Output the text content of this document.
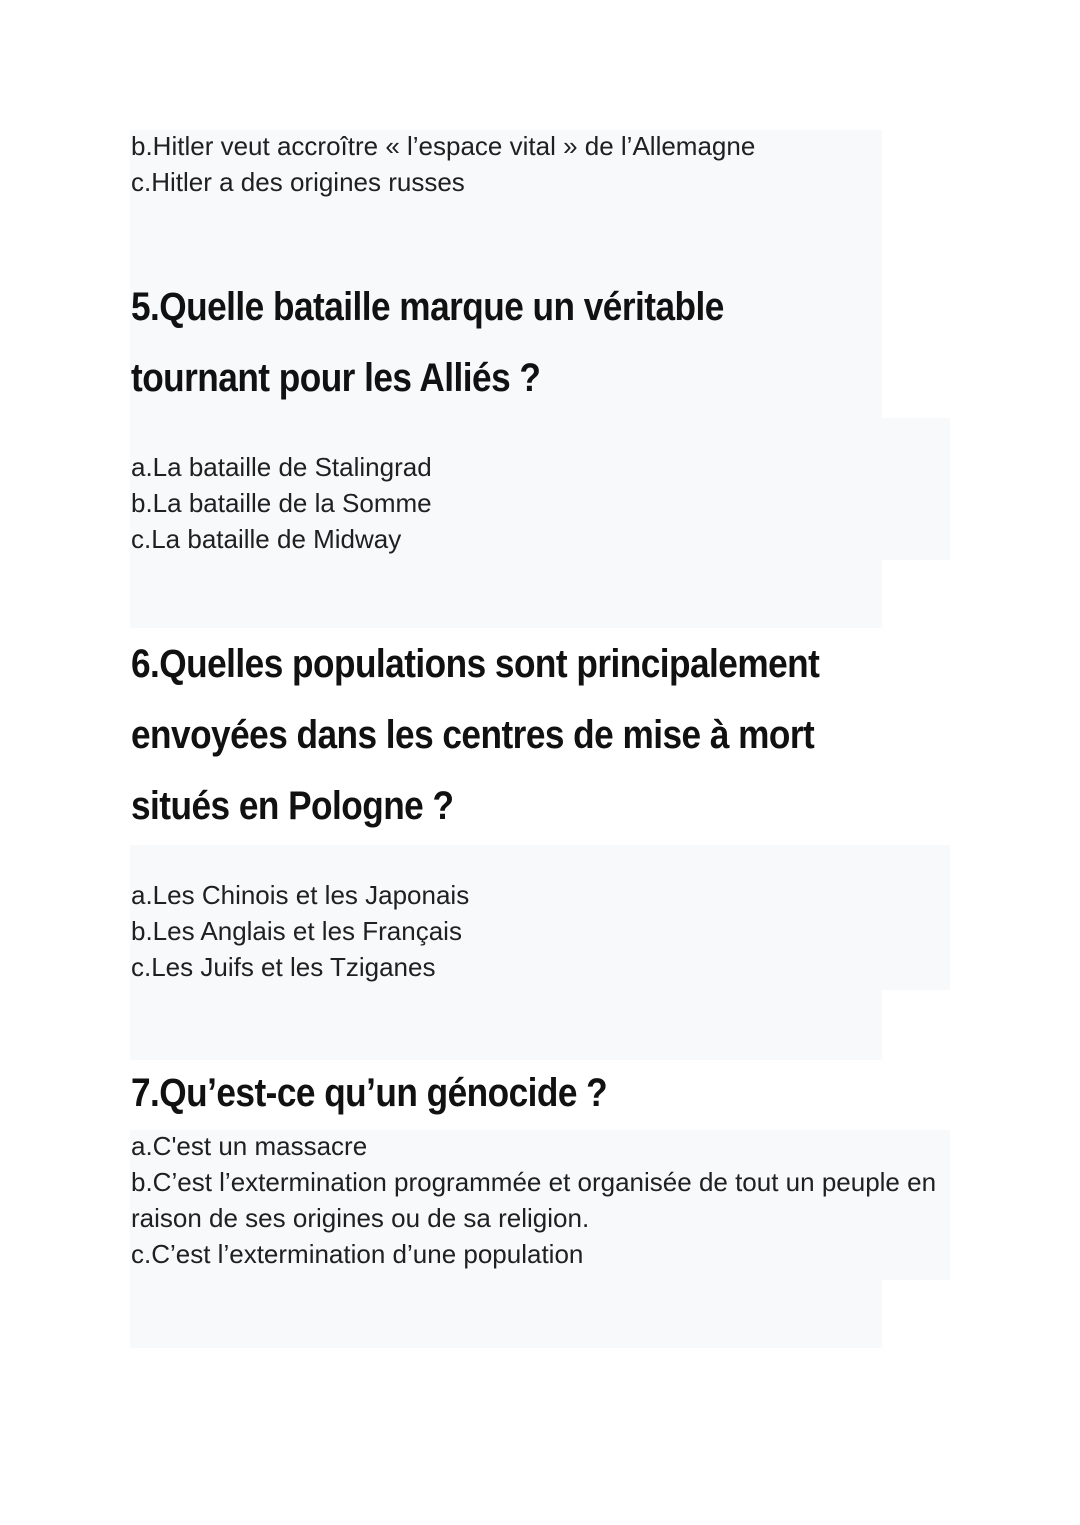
b.Hitler veut accroître « l’espace vital » de l’Allemagne
c.Hitler a des origines russes
5.Quelle bataille marque un véritable
tournant pour les Alliés ?
a.La bataille de Stalingrad
b.La bataille de la Somme
c.La bataille de Midway
6.Quelles populations sont principalement
envoyées dans les centres de mise à mort
situés en Pologne ?
a.Les Chinois et les Japonais
b.Les Anglais et les Français
c.Les Juifs et les Tziganes
7.Qu’est-ce qu’un génocide ?
a.C'est un massacre
b.C’est l’extermination programmée et organisée de tout un peuple en raison de ses origines ou de sa religion.
c.C’est l’extermination d’une population
